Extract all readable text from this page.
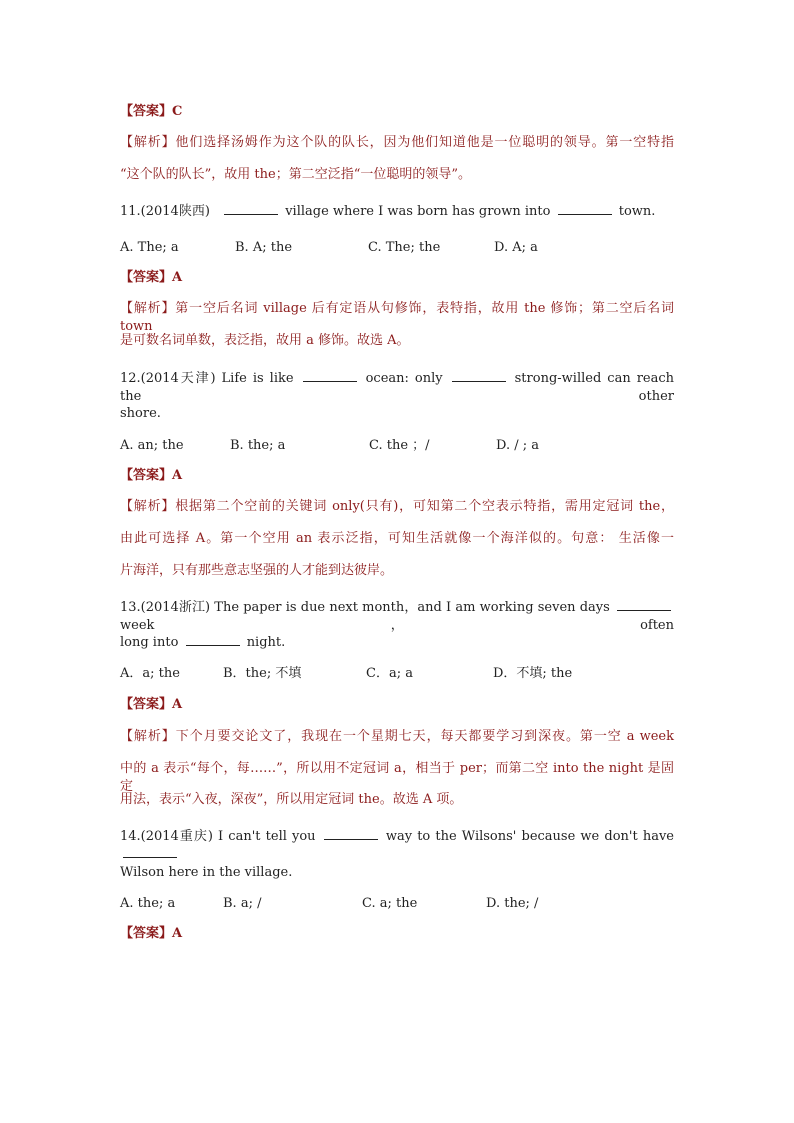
【答案】C
【解析】他们选择汤姆作为这个队的队长，因为他们知道他是一位聪明的领导。第一空特指
“这个队的队长”，故用 the；第二空泛指“一位聪明的领导”。
11.(2014陕西)	village where I was born has grown into	town.
A. The; a	B. A; the	C. The; the	D. A; a
【答案】A
【解析】第一空后名词 village 后有定语从句修饰，表特指，故用 the 修饰；第二空后名词 town
是可数名词单数，表泛指，故用 a 修饰。故选 A。
12.(2014天津) Life is like	ocean: only	strong-willed can reach the other
shore.
A. an; the	B. the; a	C. the ；/	D. / ; a
【答案】A
【解析】根据第二个空前的关键词 only(只有)，可知第二个空表示特指，需用定冠词 the，
由此可选择 A。第一个空用 an 表示泛指，可知生活就像一个海洋似的。句意： 生活像一
片海洋，只有那些意志坚强的人才能到达彼岸。
13.(2014浙江) The paper is due next month，and I am working seven days  week，often
long into	night.
A．a; the	B．the; 不填	C．a; a	D．不填; the
【答案】A
【解析】下个月要交论文了，我现在一个星期七天，每天都要学习到深夜。第一空 a week
中的 a 表示“每个，每……”，所以用不定冠词 a，相当于 per；而第二空 into the night 是固定
用法，表示“入夜，深夜”，所以用定冠词 the。故选 A 项。
14.(2014重庆) I can't tell you	way to the Wilsons' because we don't have
Wilson here in the village.
A. the; a	B. a; /	C. a; the	D. the; /
【答案】A
